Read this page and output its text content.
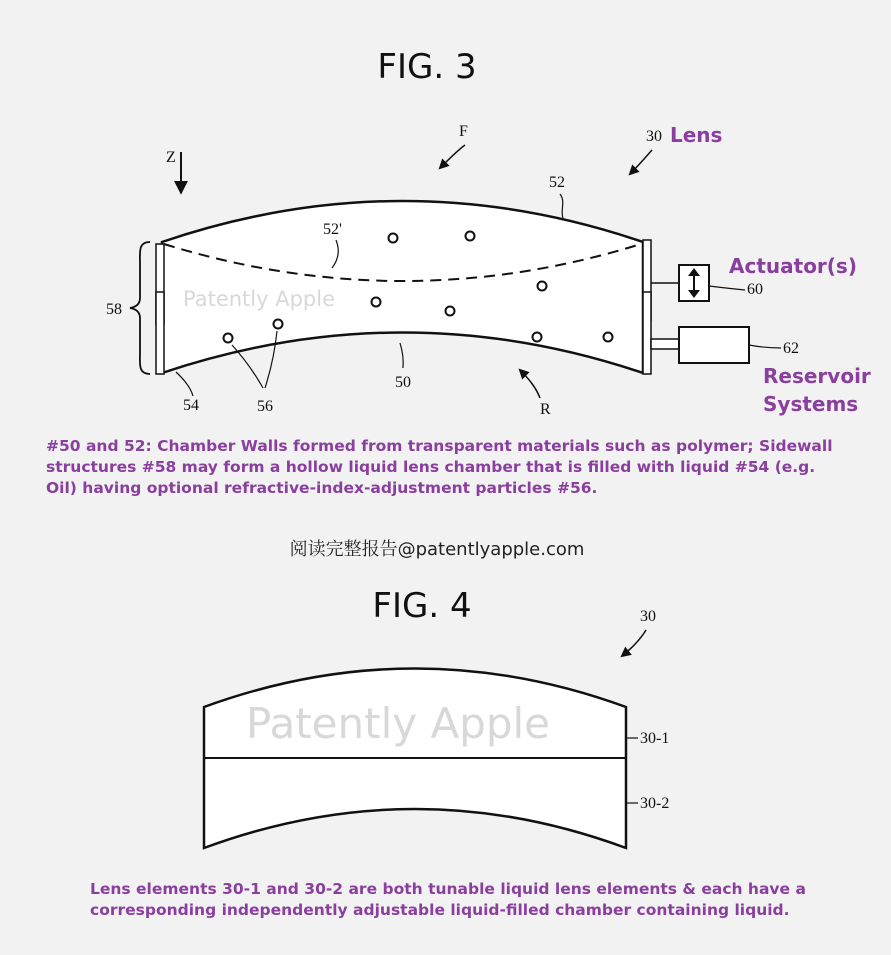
FIG. 3
Z
F	30 Lens
52
52'
58	Patently Apple
54	56
50
R
60
Actuator(s)
62
Reservoir
Systems
阅读完整报告@patentlyapple.com
FIG. 4	30
Patently Apple	30-1
30-2

#50 and 52: Chamber Walls formed from transparent materials such as polymer; Sidewall structures #58 may form a hollow liquid lens chamber that is filled with liquid #54 (e.g. Oil) having optional refractive-index-adjustment particles #56.

Lens elements 30-1 and 30-2 are both tunable liquid lens elements & each have a corresponding independently adjustable liquid-filled chamber containing liquid.
